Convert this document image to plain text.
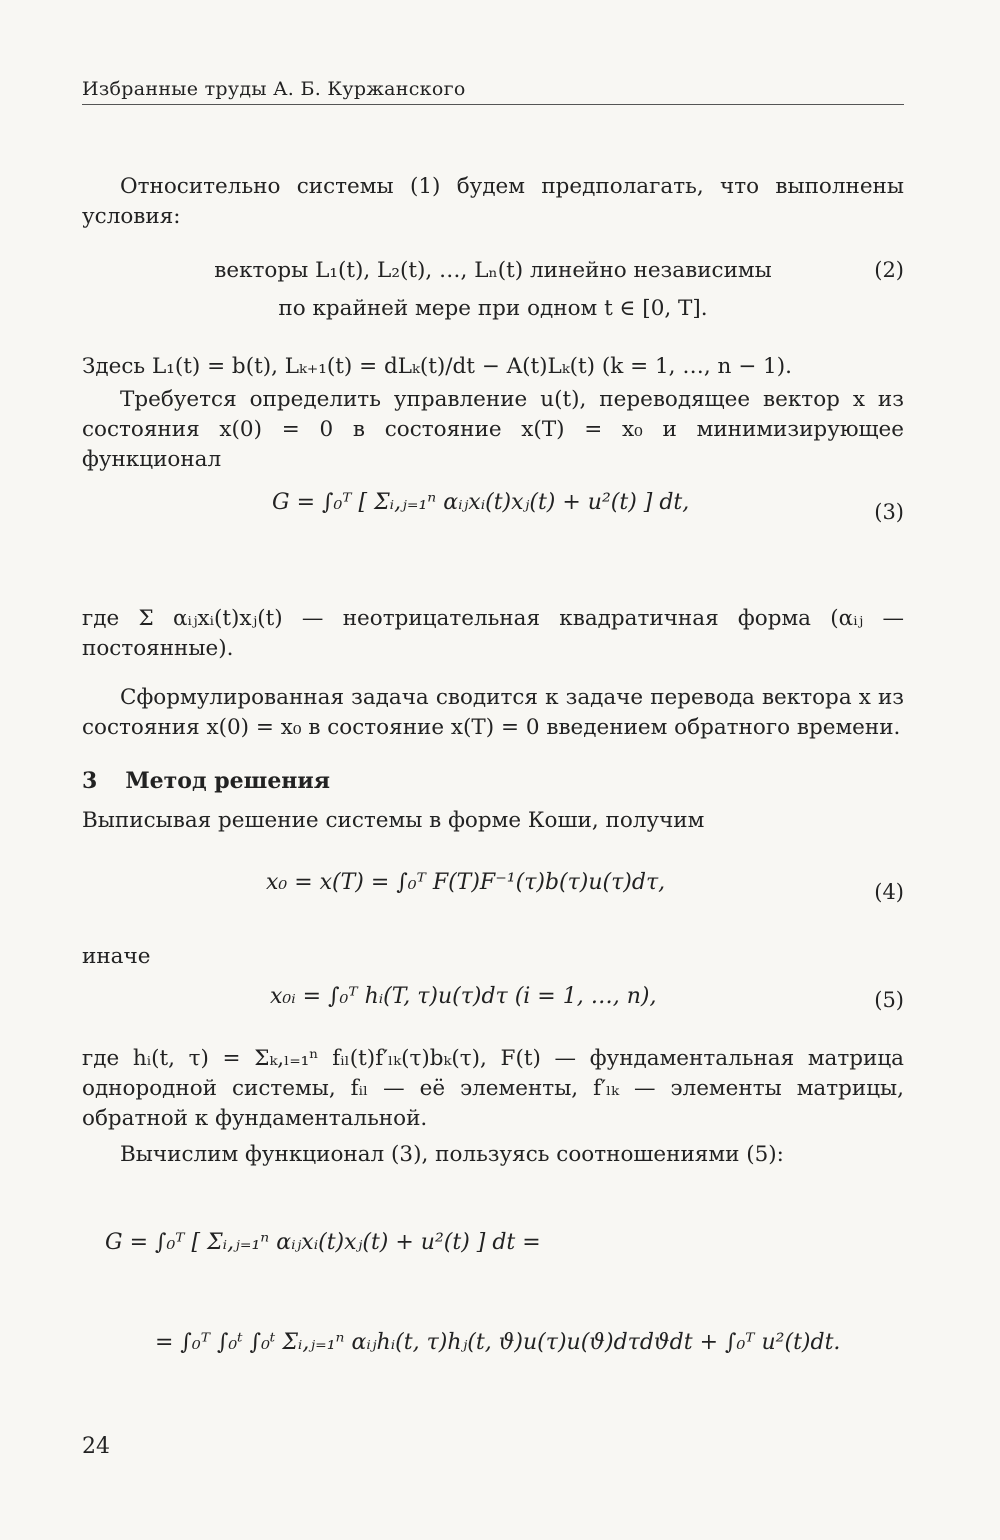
Избранные труды А. Б. Куржанского
Относительно системы (1) будем предполагать, что выполнены условия:
векторы L₁(t), L₂(t), …, Lₙ(t) линейно независимы	(2)
по крайней мере при одном t ∈ [0, T].
Здесь L₁(t) = b(t), Lₖ₊₁(t) = dLₖ(t)/dt − A(t)Lₖ(t) (k = 1, …, n − 1).
Требуется определить управление u(t), переводящее вектор x из состояния x(0) = 0 в состояние x(T) = x₀ и минимизирующее функционал
G = ∫₀ᵀ [ Σᵢ,ⱼ₌₁ⁿ αᵢⱼxᵢ(t)xⱼ(t) + u²(t) ] dt,	(3)
где Σ αᵢⱼxᵢ(t)xⱼ(t) — неотрицательная квадратичная форма (αᵢⱼ — постоянные).
Сформулированная задача сводится к задаче перевода вектора x из состояния x(0) = x₀ в состояние x(T) = 0 введением обратного времени.
3 Метод решения
Выписывая решение системы в форме Коши, получим
x₀ = x(T) = ∫₀ᵀ F(T)F⁻¹(τ)b(τ)u(τ)dτ,	(4)
иначе
x₀ᵢ = ∫₀ᵀ hᵢ(T, τ)u(τ)dτ (i = 1, …, n),	(5)
где hᵢ(t, τ) = Σₖ,ₗ₌₁ⁿ fᵢₗ(t)f′ₗₖ(τ)bₖ(τ), F(t) — фундаментальная матрица однородной системы, fᵢₗ — её элементы, f′ₗₖ — элементы матрицы, обратной к фундаментальной.
Вычислим функционал (3), пользуясь соотношениями (5):
G = ∫₀ᵀ [ Σᵢ,ⱼ₌₁ⁿ αᵢⱼxᵢ(t)xⱼ(t) + u²(t) ] dt =
= ∫₀ᵀ ∫₀ᵗ ∫₀ᵗ Σᵢ,ⱼ₌₁ⁿ αᵢⱼhᵢ(t, τ)hⱼ(t, ϑ)u(τ)u(ϑ)dτdϑdt + ∫₀ᵀ u²(t)dt.
24
